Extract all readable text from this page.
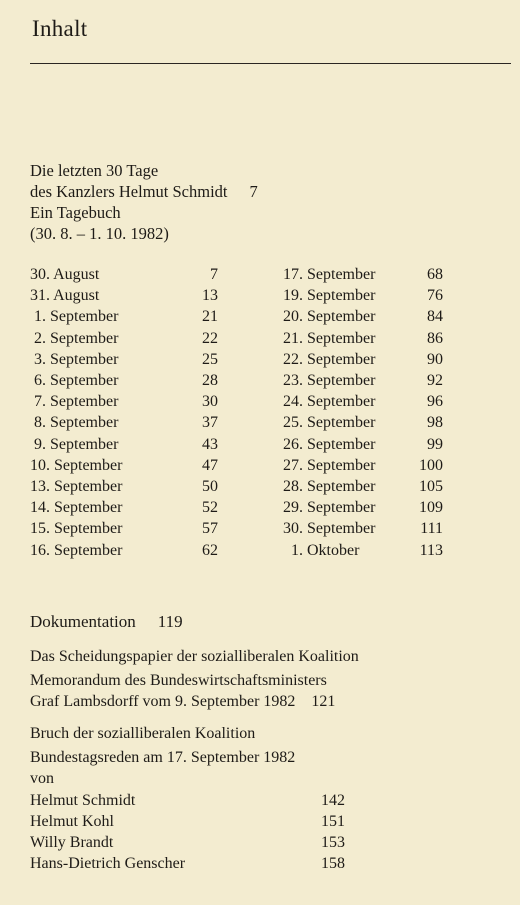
Inhalt
Die letzten 30 Tage
des Kanzlers Helmut Schmidt 7
Ein Tagebuch
(30. 8. – 1. 10. 1982)
30. August	7
31. August	13
1. September	21
2. September	22
3. September	25
6. September	28
7. September	30
8. September	37
9. September	43
10. September	47
13. September	50
14. September	52
15. September	57
16. September	62
17. September	68
19. September	76
20. September	84
21. September	86
22. September	90
23. September	92
24. September	96
25. September	98
26. September	99
27. September	100
28. September	105
29. September	109
30. September	111
1. Oktober	113
Dokumentation 119
Das Scheidungspapier der sozialliberalen Koalition
Memorandum des Bundeswirtschaftsministers
Graf Lambsdorff vom 9. September 1982 121
Bruch der sozialliberalen Koalition
Bundestagsreden am 17. September 1982
von
Helmut Schmidt	142
Helmut Kohl	151
Willy Brandt	153
Hans-Dietrich Genscher	158
